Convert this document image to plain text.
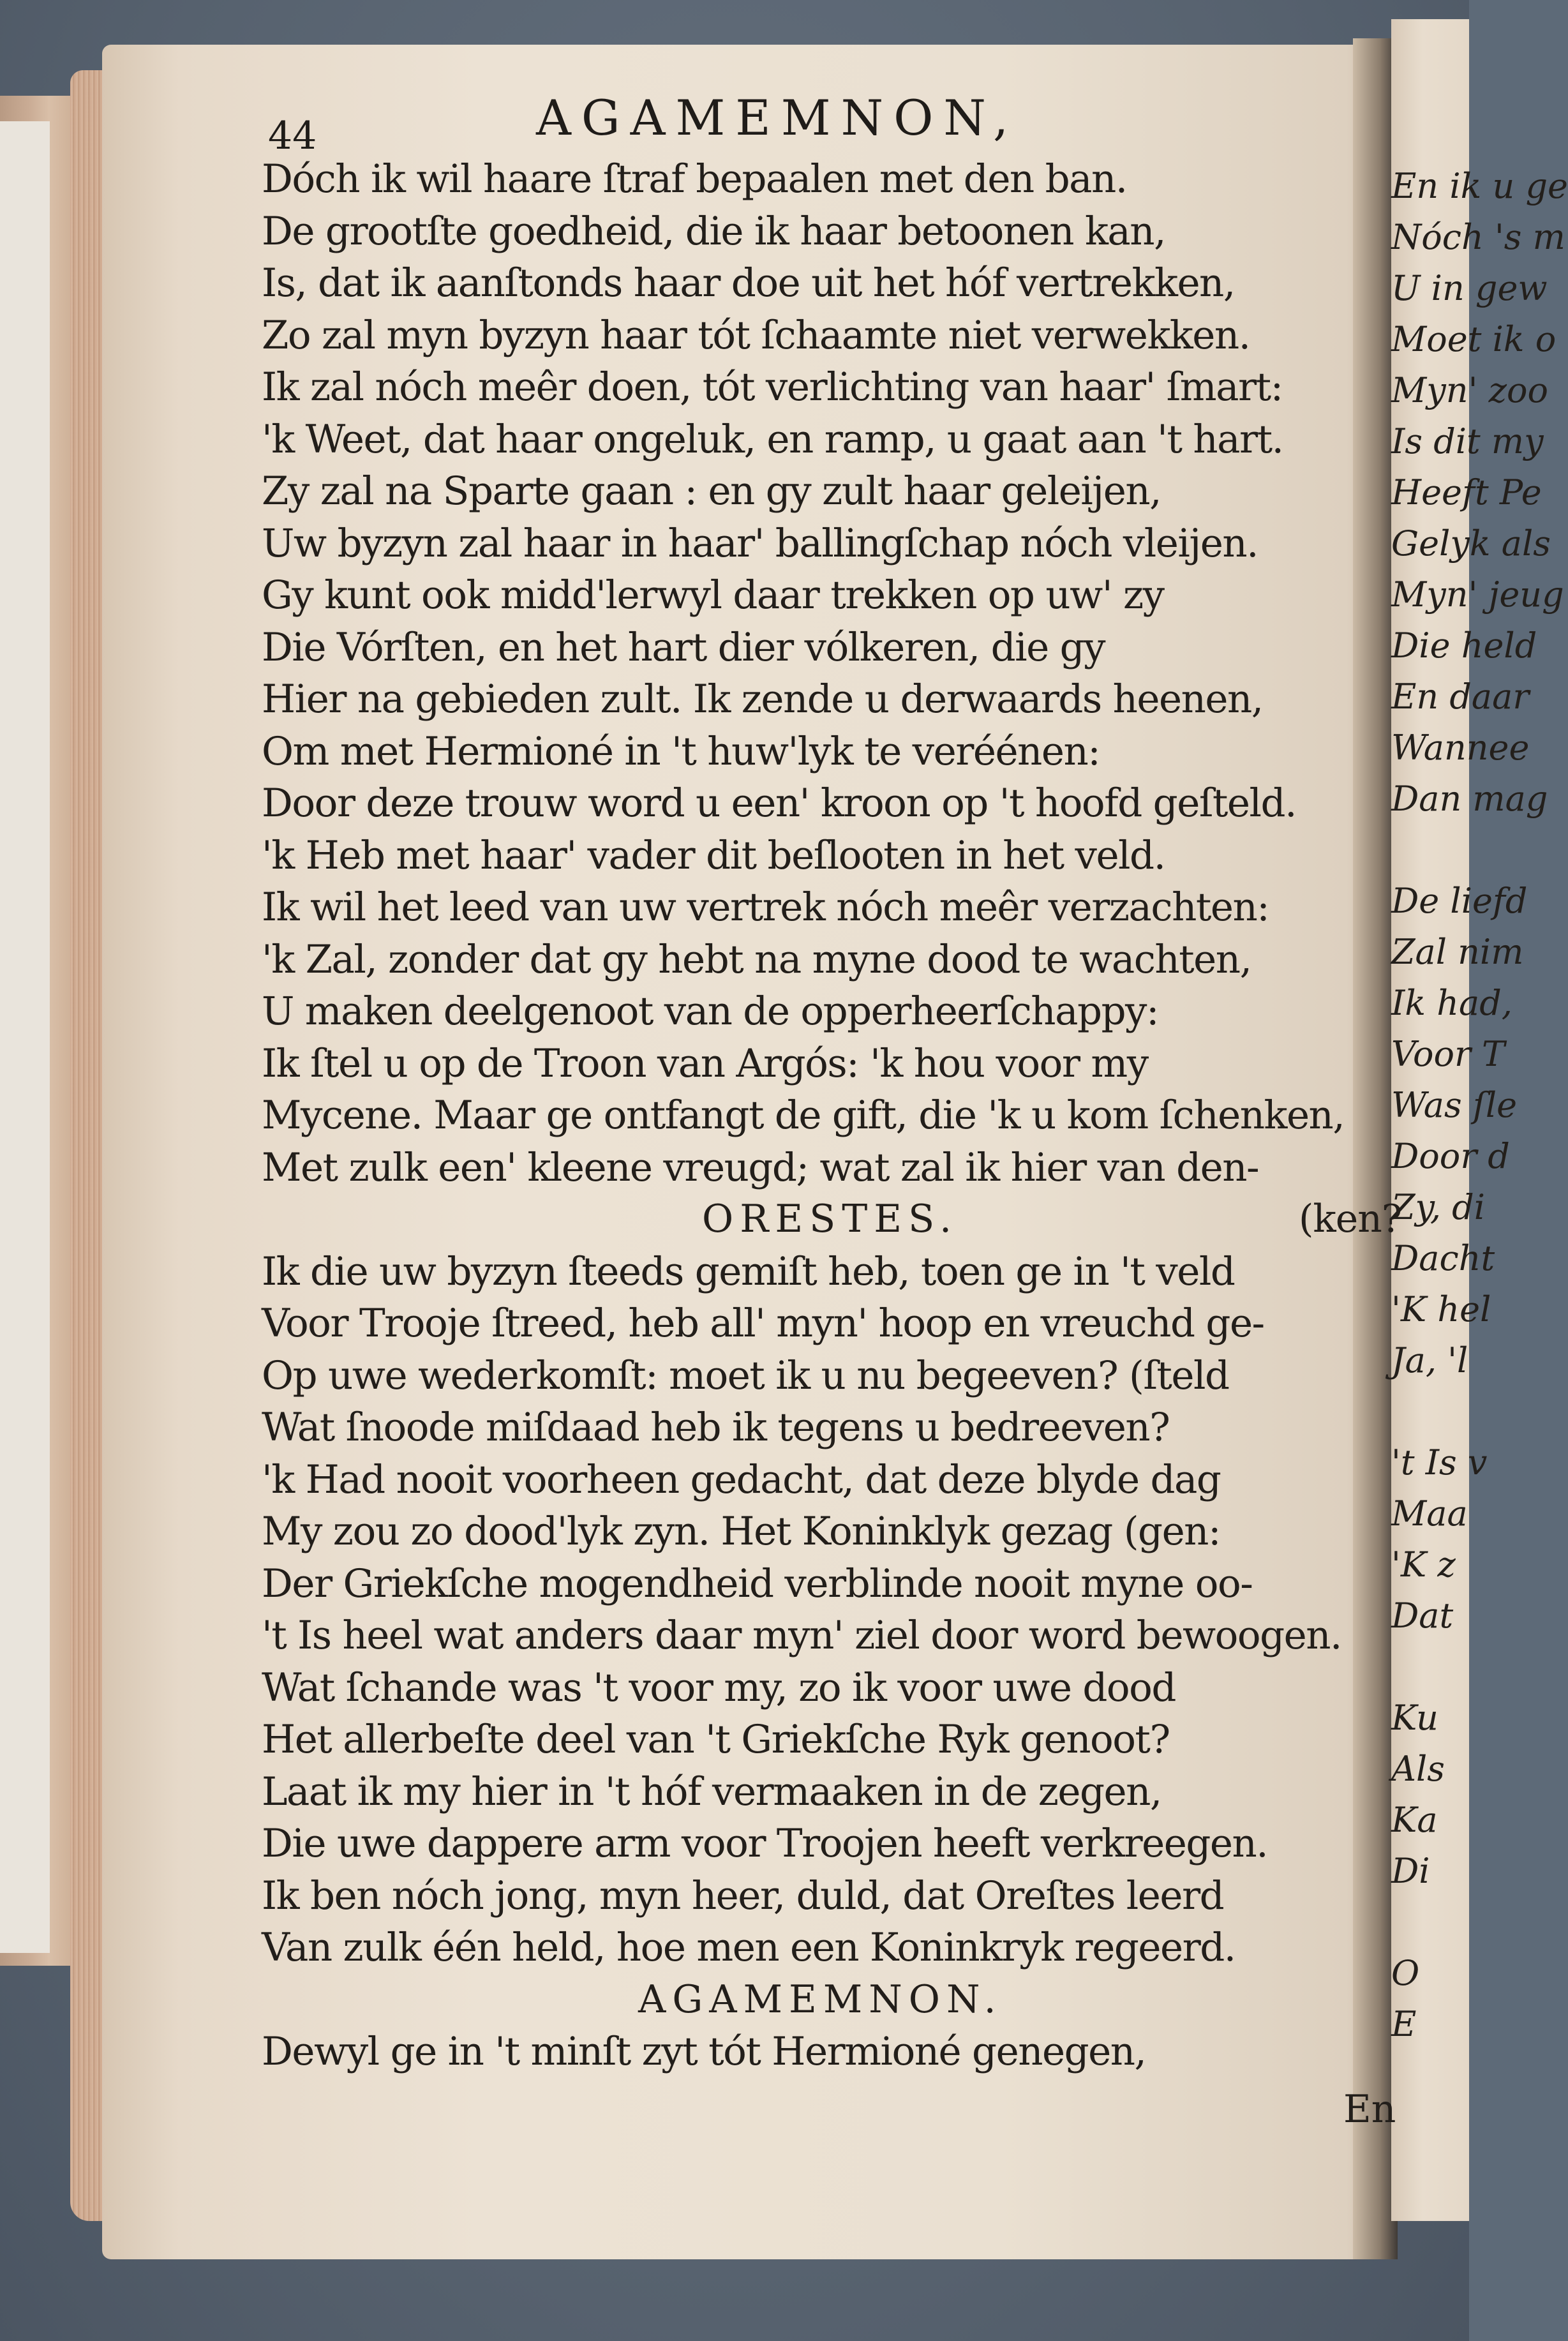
En ik u ge
Nóch 's m
U in gew
Moet ik o
Myn' zoo
Is dit my
Heeft Pe
Gelyk als
Myn' jeug
Die held
En daar
Wannee
Dan mag
De liefd
Zal nim
Ik had,
Voor T
Was ſle
Door d
Zy, di
Dacht
'K hel
Ja, 'l
't Is v
Maa
'K z
Dat
Ku
Als
Ka
Di
O
E
44	AGAMEMNON,
Dóch ik wil haare ſtraf bepaalen met den ban.
De grootſte goedheid, die ik haar betoonen kan,
Is, dat ik aanſtonds haar doe uit het hóf vertrekken,
Zo zal myn byzyn haar tót ſchaamte niet verwekken.
Ik zal nóch meêr doen, tót verlichting van haar' ſmart:
'k Weet, dat haar ongeluk, en ramp, u gaat aan 't hart.
Zy zal na Sparte gaan : en gy zult haar geleijen,
Uw byzyn zal haar in haar' ballingſchap nóch vleijen.
Gy kunt ook midd'lerwyl daar trekken op uw' zy
Die Vórſten, en het hart dier vólkeren, die gy
Hier na gebieden zult. Ik zende u derwaards heenen,
Om met Hermioné in 't huw'lyk te veréénen:
Door deze trouw word u een' kroon op 't hoofd geſteld.
'k Heb met haar' vader dit beſlooten in het veld.
Ik wil het leed van uw vertrek nóch meêr verzachten:
'k Zal, zonder dat gy hebt na myne dood te wachten,
U maken deelgenoot van de opperheerſchappy:
Ik ſtel u op de Troon van Argós: 'k hou voor my
Mycene. Maar ge ontfangt de gift, die 'k u kom ſchenken,
Met zulk een' kleene vreugd; wat zal ik hier van den-
ORESTES.	(ken?
Ik die uw byzyn ſteeds gemiſt heb, toen ge in 't veld
Voor Trooje ſtreed, heb all' myn' hoop en vreuchd ge-
Op uwe wederkomſt: moet ik u nu begeeven? (ſteld
Wat ſnoode miſdaad heb ik tegens u bedreeven?
'k Had nooit voorheen gedacht, dat deze blyde dag
My zou zo dood'lyk zyn. Het Koninklyk gezag (gen:
Der Griekſche mogendheid verblinde nooit myne oo-
't Is heel wat anders daar myn' ziel door word bewoogen.
Wat ſchande was 't voor my, zo ik voor uwe dood
Het allerbeſte deel van 't Griekſche Ryk genoot?
Laat ik my hier in 't hóf vermaaken in de zegen,
Die uwe dappere arm voor Troojen heeft verkreegen.
Ik ben nóch jong, myn heer, duld, dat Oreſtes leerd
Van zulk één held, hoe men een Koninkryk regeerd.
AGAMEMNON.
Dewyl ge in 't minſt zyt tót Hermioné genegen,
En
